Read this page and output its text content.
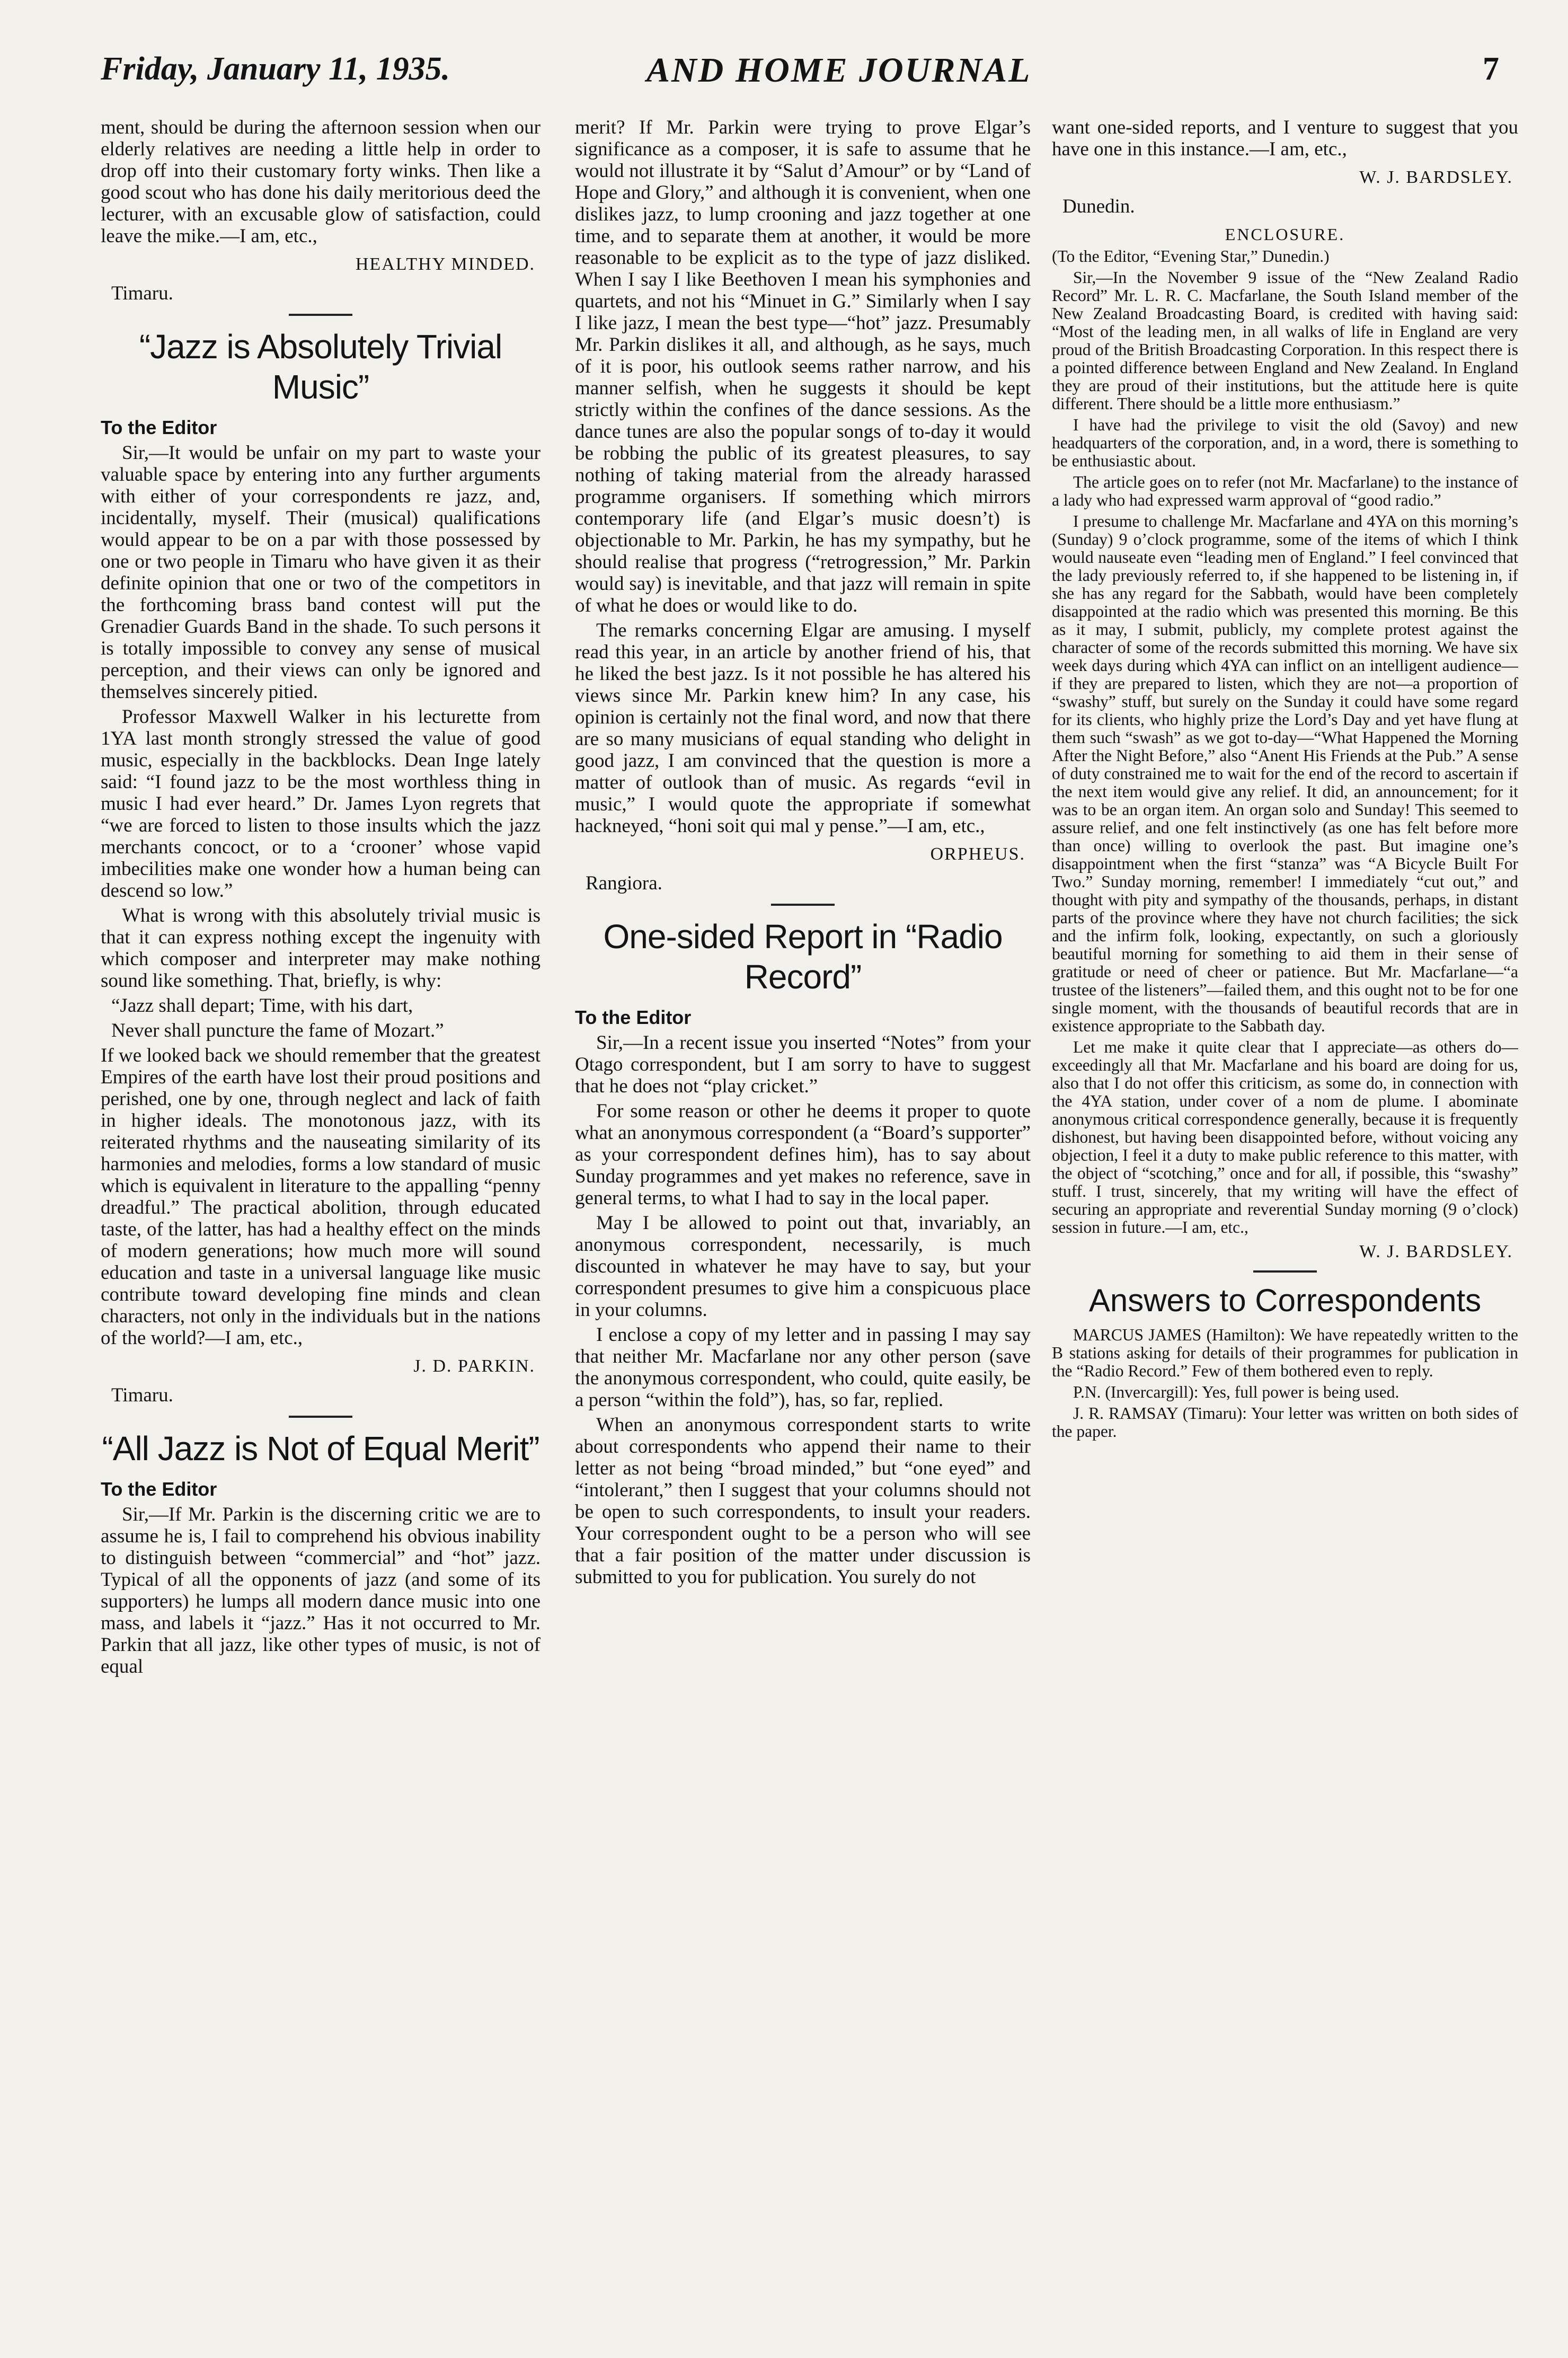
Friday, January 11, 1935.	AND HOME JOURNAL	7

ment, should be during the afternoon session when our elderly relatives are needing a little help in order to drop off into their customary forty winks. Then like a good scout who has done his daily meritorious deed the lecturer, with an excusable glow of satisfaction, could leave the mike.—I am, etc.,

HEALTHY MINDED.

Timaru.

“Jazz is Absolutely Trivial Music”
To the Editor

Sir,—It would be unfair on my part to waste your valuable space by entering into any further arguments with either of your correspondents re jazz, and, incidentally, myself. Their (musical) qualifications would appear to be on a par with those possessed by one or two people in Timaru who have given it as their definite opinion that one or two of the competitors in the forthcoming brass band contest will put the Grenadier Guards Band in the shade. To such persons it is totally impossible to convey any sense of musical perception, and their views can only be ignored and themselves sincerely pitied.

Professor Maxwell Walker in his lecturette from 1YA last month strongly stressed the value of good music, especially in the backblocks. Dean Inge lately said: “I found jazz to be the most worthless thing in music I had ever heard.” Dr. James Lyon regrets that “we are forced to listen to those insults which the jazz merchants concoct, or to a ‘crooner’ whose vapid imbecilities make one wonder how a human being can descend so low.”

What is wrong with this absolutely trivial music is that it can express nothing except the ingenuity with which composer and interpreter may make nothing sound like something. That, briefly, is why:

“Jazz shall depart; Time, with his dart,

Never shall puncture the fame of Mozart.”

If we looked back we should remember that the greatest Empires of the earth have lost their proud positions and perished, one by one, through neglect and lack of faith in higher ideals. The monotonous jazz, with its reiterated rhythms and the nauseating similarity of its harmonies and melodies, forms a low standard of music which is equivalent in literature to the appalling “penny dreadful.” The practical abolition, through educated taste, of the latter, has had a healthy effect on the minds of modern generations; how much more will sound education and taste in a universal language like music contribute toward developing fine minds and clean characters, not only in the individuals but in the nations of the world?—I am, etc.,

J. D. PARKIN.

Timaru.

“All Jazz is Not of Equal Merit”
To the Editor

Sir,—If Mr. Parkin is the discerning critic we are to assume he is, I fail to comprehend his obvious inability to distinguish between “commercial” and “hot” jazz. Typical of all the opponents of jazz (and some of its supporters) he lumps all modern dance music into one mass, and labels it “jazz.” Has it not occurred to Mr. Parkin that all jazz, like other types of music, is not of equal

merit? If Mr. Parkin were trying to prove Elgar’s significance as a composer, it is safe to assume that he would not illustrate it by “Salut d’Amour” or by “Land of Hope and Glory,” and although it is convenient, when one dislikes jazz, to lump crooning and jazz together at one time, and to separate them at another, it would be more reasonable to be explicit as to the type of jazz disliked. When I say I like Beethoven I mean his symphonies and quartets, and not his “Minuet in G.” Similarly when I say I like jazz, I mean the best type—“hot” jazz. Presumably Mr. Parkin dislikes it all, and although, as he says, much of it is poor, his outlook seems rather narrow, and his manner selfish, when he suggests it should be kept strictly within the confines of the dance sessions. As the dance tunes are also the popular songs of to-day it would be robbing the public of its greatest pleasures, to say nothing of taking material from the already harassed programme organisers. If something which mirrors contemporary life (and Elgar’s music doesn’t) is objectionable to Mr. Parkin, he has my sympathy, but he should realise that progress (“retrogression,” Mr. Parkin would say) is inevitable, and that jazz will remain in spite of what he does or would like to do.

The remarks concerning Elgar are amusing. I myself read this year, in an article by another friend of his, that he liked the best jazz. Is it not possible he has altered his views since Mr. Parkin knew him? In any case, his opinion is certainly not the final word, and now that there are so many musicians of equal standing who delight in good jazz, I am convinced that the question is more a matter of outlook than of music. As regards “evil in music,” I would quote the appropriate if somewhat hackneyed, “honi soit qui mal y pense.”—I am, etc.,

ORPHEUS.

Rangiora.

One-sided Report in “Radio Record”
To the Editor

Sir,—In a recent issue you inserted “Notes” from your Otago correspondent, but I am sorry to have to suggest that he does not “play cricket.”

For some reason or other he deems it proper to quote what an anonymous correspondent (a “Board’s supporter” as your correspondent defines him), has to say about Sunday programmes and yet makes no reference, save in general terms, to what I had to say in the local paper.

May I be allowed to point out that, invariably, an anonymous correspondent, necessarily, is much discounted in whatever he may have to say, but your correspondent presumes to give him a conspicuous place in your columns.

I enclose a copy of my letter and in passing I may say that neither Mr. Macfarlane nor any other person (save the anonymous correspondent, who could, quite easily, be a person “within the fold”), has, so far, replied.

When an anonymous correspondent starts to write about correspondents who append their name to their letter as not being “broad minded,” but “one eyed” and “intolerant,” then I suggest that your columns should not be open to such correspondents, to insult your readers. Your correspondent ought to be a person who will see that a fair position of the matter under discussion is submitted to you for publication. You surely do not

want one-sided reports, and I venture to suggest that you have one in this instance.—I am, etc.,

W. J. BARDSLEY.

Dunedin.

ENCLOSURE.

(To the Editor, “Evening Star,” Dunedin.)

Sir,—In the November 9 issue of the “New Zealand Radio Record” Mr. L. R. C. Macfarlane, the South Island member of the New Zealand Broadcasting Board, is credited with having said: “Most of the leading men, in all walks of life in England are very proud of the British Broadcasting Corporation. In this respect there is a pointed difference between England and New Zealand. In England they are proud of their institutions, but the attitude here is quite different. There should be a little more enthusiasm.”

I have had the privilege to visit the old (Savoy) and new headquarters of the corporation, and, in a word, there is something to be enthusiastic about.

The article goes on to refer (not Mr. Macfarlane) to the instance of a lady who had expressed warm approval of “good radio.”

I presume to challenge Mr. Macfarlane and 4YA on this morning’s (Sunday) 9 o’clock programme, some of the items of which I think would nauseate even “leading men of England.” I feel convinced that the lady previously referred to, if she happened to be listening in, if she has any regard for the Sabbath, would have been completely disappointed at the radio which was presented this morning. Be this as it may, I submit, publicly, my complete protest against the character of some of the records submitted this morning. We have six week days during which 4YA can inflict on an intelligent audience—if they are prepared to listen, which they are not—a proportion of “swashy” stuff, but surely on the Sunday it could have some regard for its clients, who highly prize the Lord’s Day and yet have flung at them such “swash” as we got to-day—“What Happened the Morning After the Night Before,” also “Anent His Friends at the Pub.” A sense of duty constrained me to wait for the end of the record to ascertain if the next item would give any relief. It did, an announcement; for it was to be an organ item. An organ solo and Sunday! This seemed to assure relief, and one felt instinctively (as one has felt before more than once) willing to overlook the past. But imagine one’s disappointment when the first “stanza” was “A Bicycle Built For Two.” Sunday morning, remember! I immediately “cut out,” and thought with pity and sympathy of the thousands, perhaps, in distant parts of the province where they have not church facilities; the sick and the infirm folk, looking, expectantly, on such a gloriously beautiful morning for something to aid them in their sense of gratitude or need of cheer or patience. But Mr. Macfarlane—“a trustee of the listeners”—failed them, and this ought not to be for one single moment, with the thousands of beautiful records that are in existence appropriate to the Sabbath day.

Let me make it quite clear that I appreciate—as others do—exceedingly all that Mr. Macfarlane and his board are doing for us, also that I do not offer this criticism, as some do, in connection with the 4YA station, under cover of a nom de plume. I abominate anonymous critical correspondence generally, because it is frequently dishonest, but having been disappointed before, without voicing any objection, I feel it a duty to make public reference to this matter, with the object of “scotching,” once and for all, if possible, this “swashy” stuff. I trust, sincerely, that my writing will have the effect of securing an appropriate and reverential Sunday morning (9 o’clock) session in future.—I am, etc.,

W. J. BARDSLEY.

Answers to Correspondents

MARCUS JAMES (Hamilton): We have repeatedly written to the B stations asking for details of their programmes for publication in the “Radio Record.” Few of them bothered even to reply.

P.N. (Invercargill): Yes, full power is being used.

J. R. RAMSAY (Timaru): Your letter was written on both sides of the paper.
